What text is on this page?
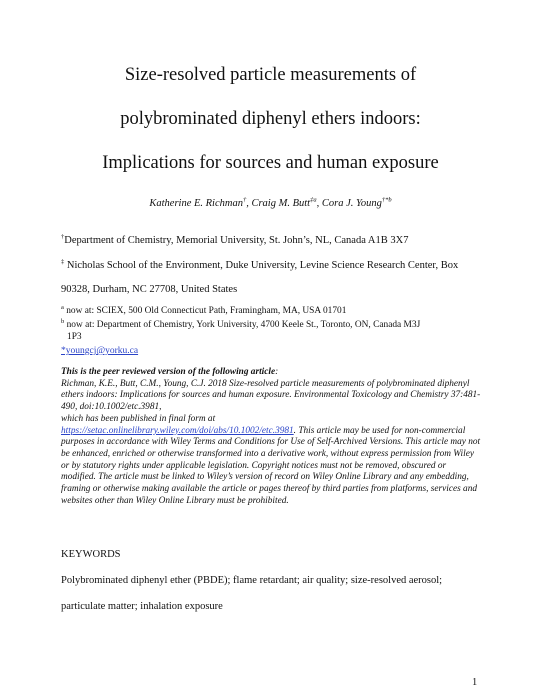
Size-resolved particle measurements of
polybrominated diphenyl ethers indoors:
Implications for sources and human exposure
Katherine E. Richman†, Craig M. Butt$^{\ddagger a}$, Cora J. Young$^{\dagger*b}$
†Department of Chemistry, Memorial University, St. John’s, NL, Canada A1B 3X7
‡ Nicholas School of the Environment, Duke University, Levine Science Research Center, Box
90328, Durham, NC 27708, United States
$^a$ now at: SCIEX, 500 Old Connecticut Path, Framingham, MA, USA 01701
$^b$ now at: Department of Chemistry, York University, 4700 Keele St., Toronto, ON, Canada M3J
1P3
*youngcj@yorku.ca
This is the peer reviewed version of the following article:
Richman, K.E., Butt, C.M., Young, C.J. 2018 Size-resolved particle measurements of polybrominated diphenyl ethers indoors: Implications for sources and human exposure. Environmental Toxicology and Chemistry 37:481-490, doi:10.1002/etc.3981,
which has been published in final form at
https://setac.onlinelibrary.wiley.com/doi/abs/10.1002/etc.3981. This article may be used for non-commercial purposes in accordance with Wiley Terms and Conditions for Use of Self-Archived Versions. This article may not be enhanced, enriched or otherwise transformed into a derivative work, without express permission from Wiley or by statutory rights under applicable legislation. Copyright notices must not be removed, obscured or modified. The article must be linked to Wiley’s version of record on Wiley Online Library and any embedding, framing or otherwise making available the article or pages thereof by third parties from platforms, services and websites other than Wiley Online Library must be prohibited.
KEYWORDS
Polybrominated diphenyl ether (PBDE); flame retardant; air quality; size-resolved aerosol;
particulate matter; inhalation exposure
1
